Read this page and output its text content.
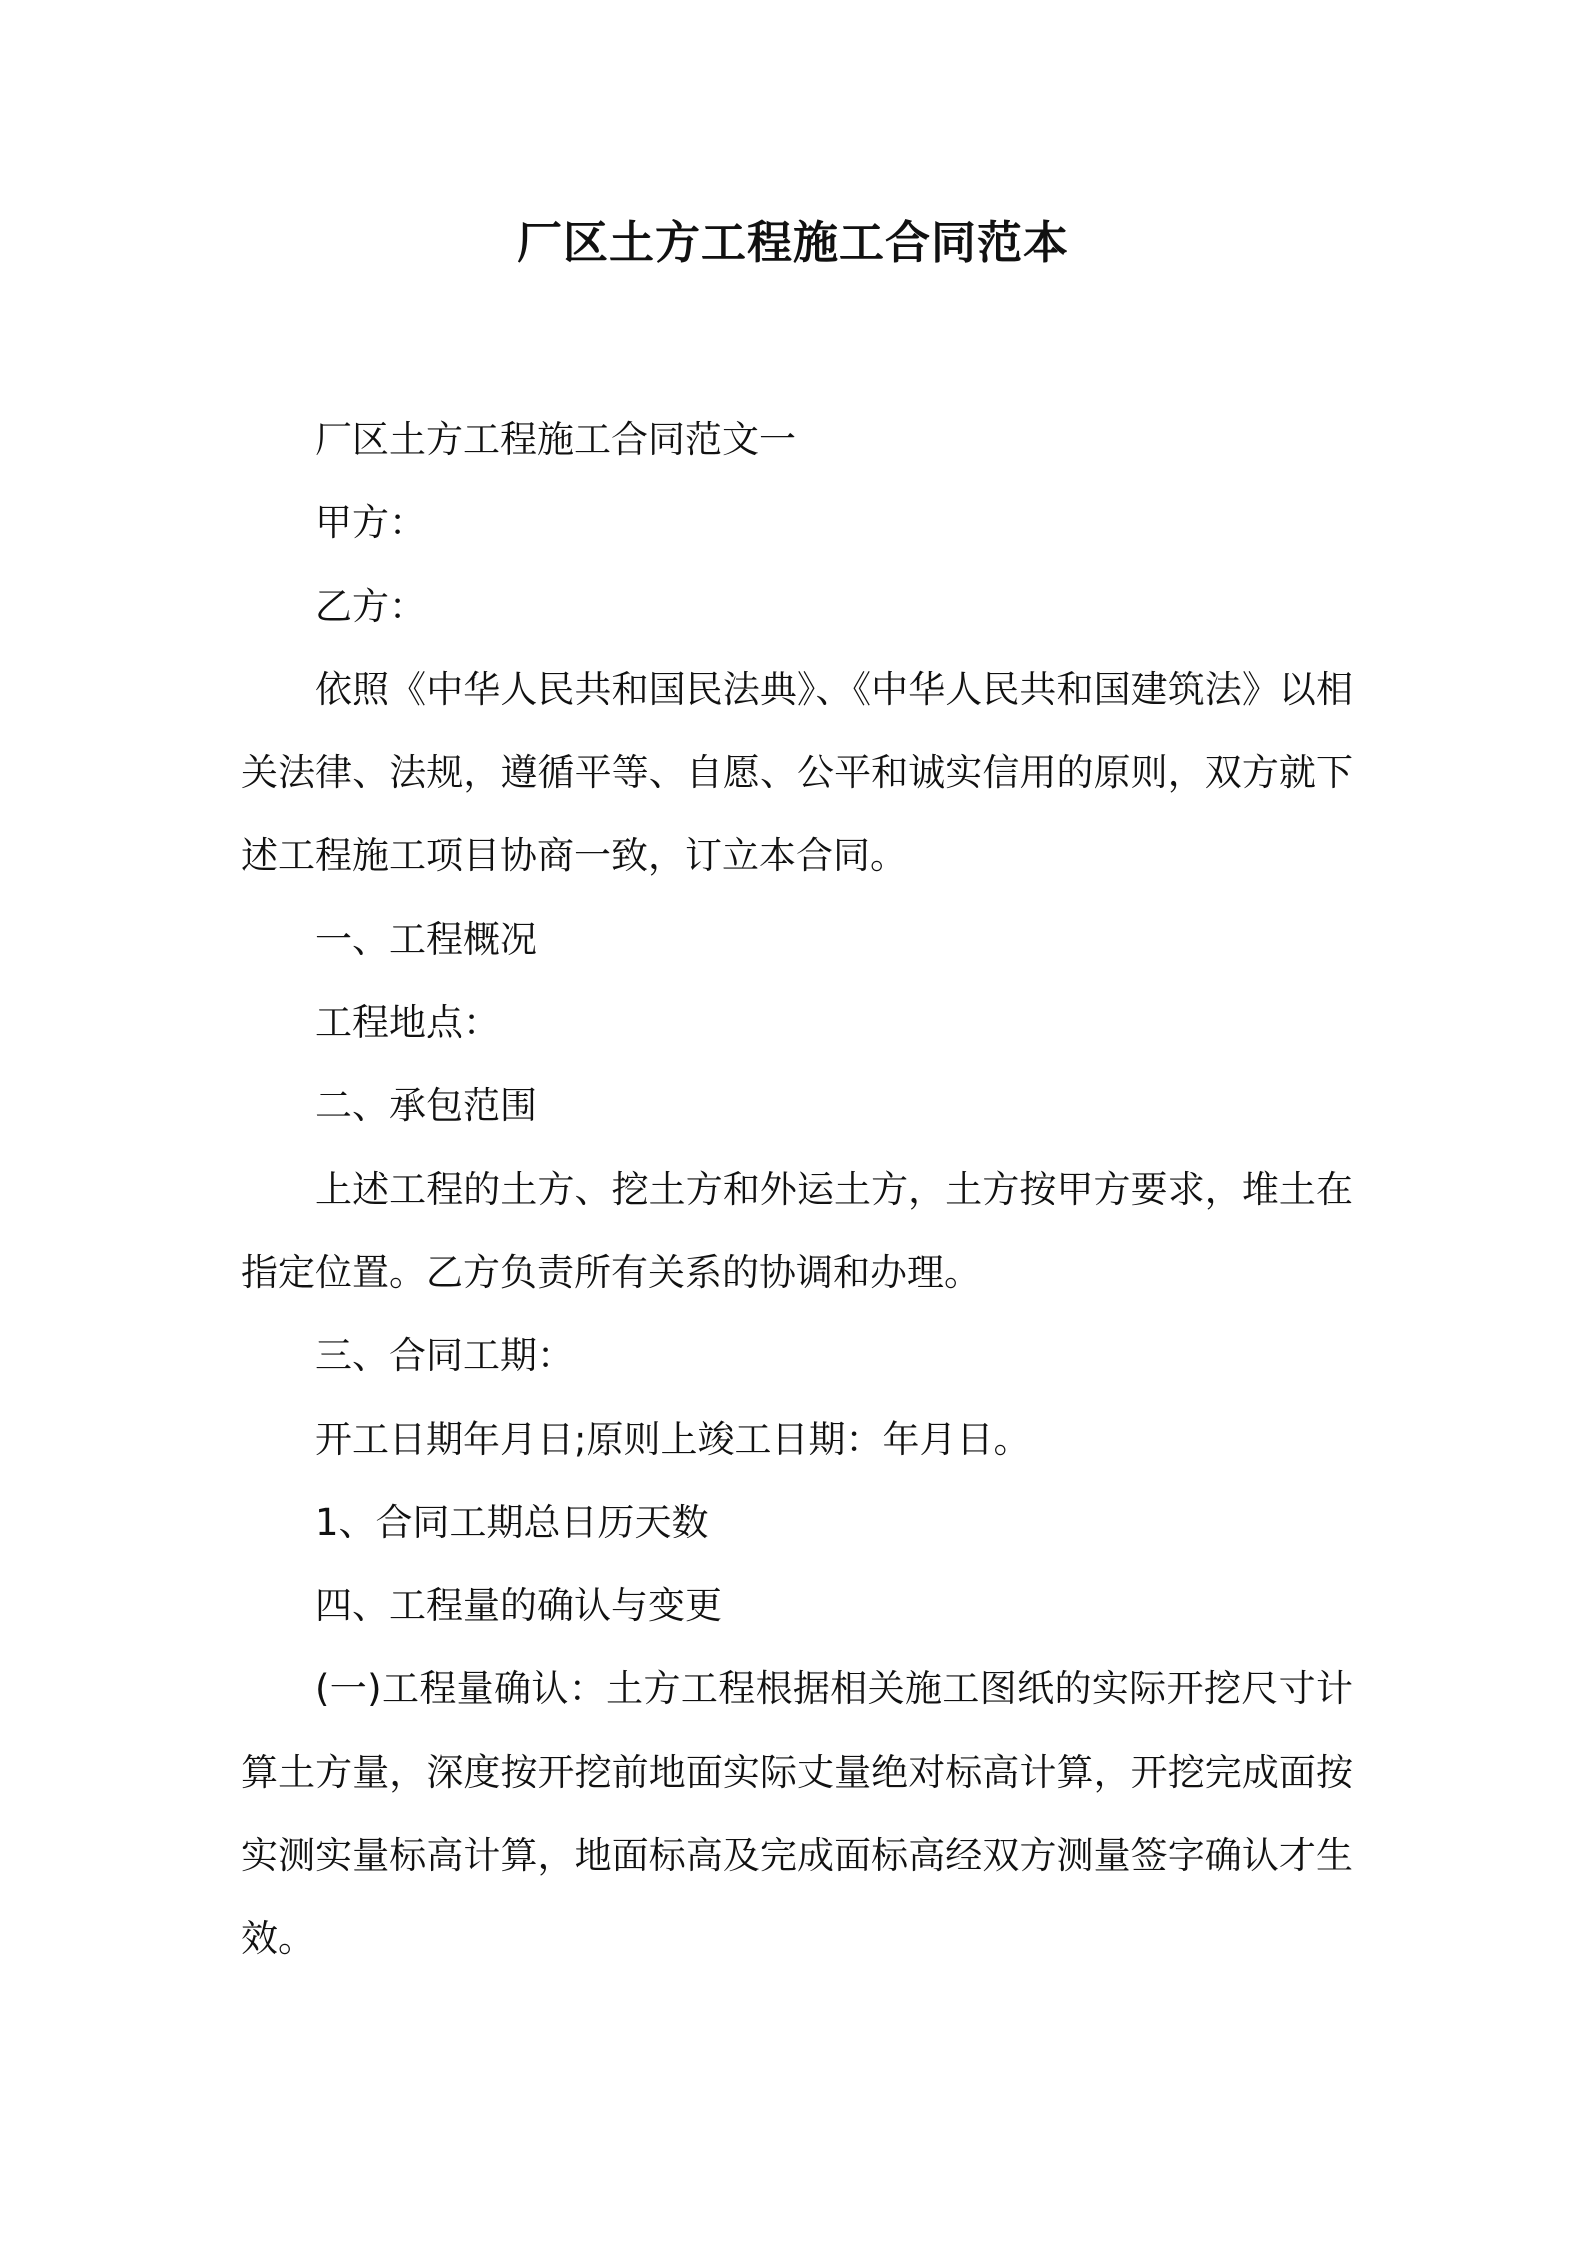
厂区土方工程施工合同范本

厂区土方工程施工合同范文一

甲方：

乙方：

依照《中华人民共和国民法典》、《中华人民共和国建筑法》以相关法律、法规，遵循平等、自愿、公平和诚实信用的原则，双方就下述工程施工项目协商一致，订立本合同。

一、工程概况

工程地点：

二、承包范围

上述工程的土方、挖土方和外运土方，土方按甲方要求，堆土在指定位置。乙方负责所有关系的协调和办理。

三、合同工期：

开工日期年月日;原则上竣工日期：年月日。

1、合同工期总日历天数

四、工程量的确认与变更

(一)工程量确认：土方工程根据相关施工图纸的实际开挖尺寸计算土方量，深度按开挖前地面实际丈量绝对标高计算，开挖完成面按实测实量标高计算，地面标高及完成面标高经双方测量签字确认才生效。
